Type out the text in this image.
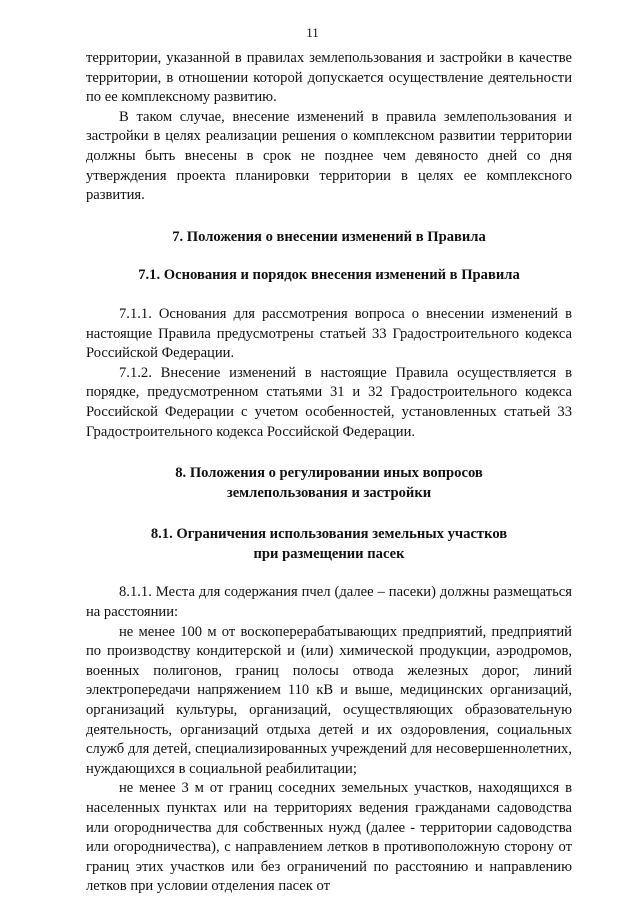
11

территории, указанной в правилах землепользования и застройки в качестве территории, в отношении которой допускается осуществление деятельности по ее комплексному развитию.

В таком случае, внесение изменений в правила землепользования и застройки в целях реализации решения о комплексном развитии территории должны быть внесены в срок не позднее чем девяносто дней со дня утверждения проекта планировки территории в целях ее комплексного развития.

7. Положения о внесении изменений в Правила
7.1. Основания и порядок внесения изменений в Правила

7.1.1. Основания для рассмотрения вопроса о внесении изменений в настоящие Правила предусмотрены статьей 33 Градостроительного кодекса Российской Федерации.

7.1.2. Внесение изменений в настоящие Правила осуществляется в порядке, предусмотренном статьями 31 и 32 Градостроительного кодекса Российской Федерации с учетом особенностей, установленных статьей 33 Градостроительного кодекса Российской Федерации.

8. Положения о регулировании иных вопросов
землепользования и застройки
8.1. Ограничения использования земельных участков
при размещении пасек

8.1.1. Места для содержания пчел (далее – пасеки) должны размещаться на расстоянии:

не менее 100 м от воскоперерабатывающих предприятий, предприятий по производству кондитерской и (или) химической продукции, аэродромов, военных полигонов, границ полосы отвода железных дорог, линий электропередачи напряжением 110 кВ и выше, медицинских организаций, организаций культуры, организаций, осуществляющих образовательную деятельность, организаций отдыха детей и их оздоровления, социальных служб для детей, специализированных учреждений для несовершеннолетних, нуждающихся в социальной реабилитации;

не менее 3 м от границ соседних земельных участков, находящихся в населенных пунктах или на территориях ведения гражданами садоводства или огородничества для собственных нужд (далее - территории садоводства или огородничества), с направлением летков в противоположную сторону от границ этих участков или без ограничений по расстоянию и направлению летков при условии отделения пасек от
